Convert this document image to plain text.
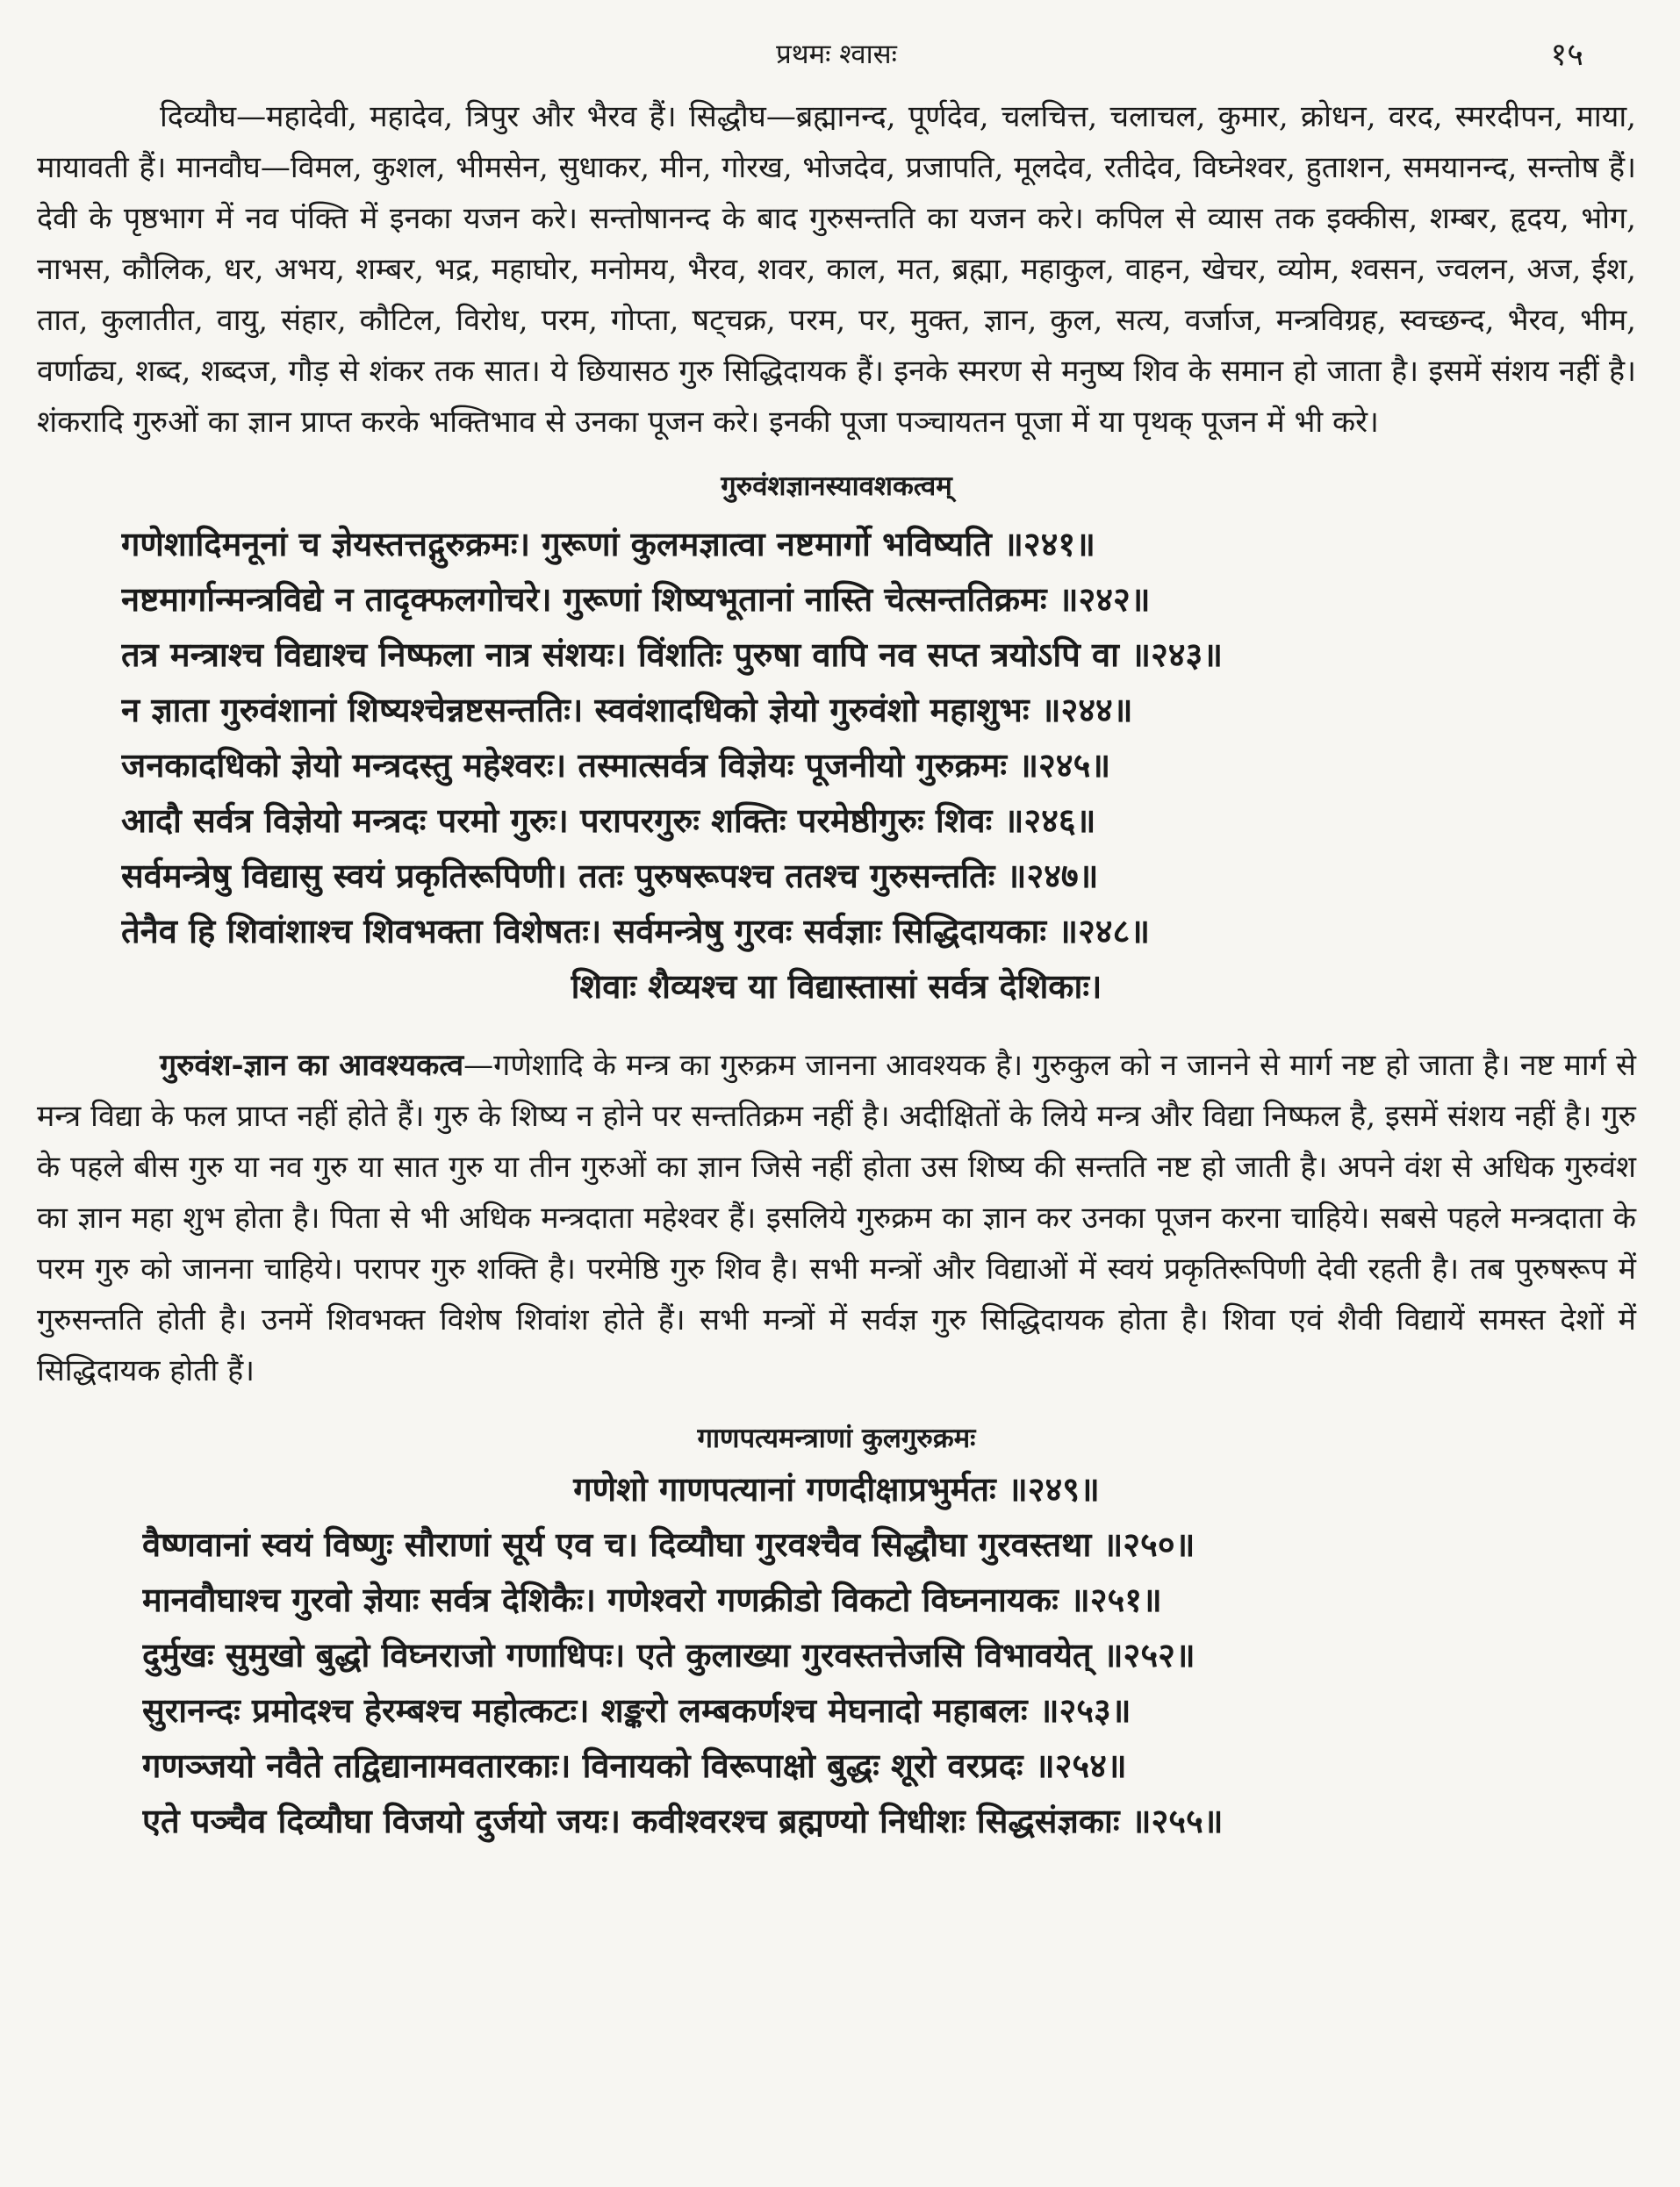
प्रथमः श्वासः	१५

दिव्यौघ—महादेवी, महादेव, त्रिपुर और भैरव हैं। सिद्धौघ—ब्रह्मानन्द, पूर्णदेव, चलचित्त, चलाचल, कुमार, क्रोधन, वरद, स्मरदीपन, माया, मायावती हैं। मानवौघ—विमल, कुशल, भीमसेन, सुधाकर, मीन, गोरख, भोजदेव, प्रजापति, मूलदेव, रतीदेव, विघ्नेश्वर, हुताशन, समयानन्द, सन्तोष हैं। देवी के पृष्ठभाग में नव पंक्ति में इनका यजन करे। सन्तोषानन्द के बाद गुरुसन्तति का यजन करे। कपिल से व्यास तक इक्कीस, शम्बर, हृदय, भोग, नाभस, कौलिक, धर, अभय, शम्बर, भद्र, महाघोर, मनोमय, भैरव, शवर, काल, मत, ब्रह्मा, महाकुल, वाहन, खेचर, व्योम, श्वसन, ज्वलन, अज, ईश, तात, कुलातीत, वायु, संहार, कौटिल, विरोध, परम, गोप्ता, षट्चक्र, परम, पर, मुक्त, ज्ञान, कुल, सत्य, वर्जाज, मन्त्रविग्रह, स्वच्छन्द, भैरव, भीम, वर्णाढ्य, शब्द, शब्दज, गौड़ से शंकर तक सात। ये छियासठ गुरु सिद्धिदायक हैं। इनके स्मरण से मनुष्य शिव के समान हो जाता है। इसमें संशय नहीं है। शंकरादि गुरुओं का ज्ञान प्राप्त करके भक्तिभाव से उनका पूजन करे। इनकी पूजा पञ्चायतन पूजा में या पृथक् पूजन में भी करे।

गुरुवंशज्ञानस्यावशकत्वम्
गणेशादिमनूनां च ज्ञेयस्तत्तद्गुरुक्रमः। गुरूणां कुलमज्ञात्वा नष्टमार्गो भविष्यति ॥२४१॥
नष्टमार्गान्मन्त्रविद्ये न तादृक्फलगोचरे। गुरूणां शिष्यभूतानां नास्ति चेत्सन्ततिक्रमः ॥२४२॥
तत्र मन्त्राश्च विद्याश्च निष्फला नात्र संशयः। विंशतिः पुरुषा वापि नव सप्त त्रयोऽपि वा ॥२४३॥
न ज्ञाता गुरुवंशानां शिष्यश्चेन्नष्टसन्ततिः। स्ववंशादधिको ज्ञेयो गुरुवंशो महाशुभः ॥२४४॥
जनकादधिको ज्ञेयो मन्त्रदस्तु महेश्वरः। तस्मात्सर्वत्र विज्ञेयः पूजनीयो गुरुक्रमः ॥२४५॥
आदौ सर्वत्र विज्ञेयो मन्त्रदः परमो गुरुः। परापरगुरुः शक्तिः परमेष्ठीगुरुः शिवः ॥२४६॥
सर्वमन्त्रेषु विद्यासु स्वयं प्रकृतिरूपिणी। ततः पुरुषरूपश्च ततश्च गुरुसन्ततिः ॥२४७॥
तेनैव हि शिवांशाश्च शिवभक्ता विशेषतः। सर्वमन्त्रेषु गुरवः सर्वज्ञाः सिद्धिदायकाः ॥२४८॥
शिवाः शैव्यश्च या विद्यास्तासां सर्वत्र देशिकाः।

गुरुवंश-ज्ञान का आवश्यकत्व—गणेशादि के मन्त्र का गुरुक्रम जानना आवश्यक है। गुरुकुल को न जानने से मार्ग नष्ट हो जाता है। नष्ट मार्ग से मन्त्र विद्या के फल प्राप्त नहीं होते हैं। गुरु के शिष्य न होने पर सन्ततिक्रम नहीं है। अदीक्षितों के लिये मन्त्र और विद्या निष्फल है, इसमें संशय नहीं है। गुरु के पहले बीस गुरु या नव गुरु या सात गुरु या तीन गुरुओं का ज्ञान जिसे नहीं होता उस शिष्य की सन्तति नष्ट हो जाती है। अपने वंश से अधिक गुरुवंश का ज्ञान महा शुभ होता है। पिता से भी अधिक मन्त्रदाता महेश्वर हैं। इसलिये गुरुक्रम का ज्ञान कर उनका पूजन करना चाहिये। सबसे पहले मन्त्रदाता के परम गुरु को जानना चाहिये। परापर गुरु शक्ति है। परमेष्ठि गुरु शिव है। सभी मन्त्रों और विद्याओं में स्वयं प्रकृतिरूपिणी देवी रहती है। तब पुरुषरूप में गुरुसन्तति होती है। उनमें शिवभक्त विशेष शिवांश होते हैं। सभी मन्त्रों में सर्वज्ञ गुरु सिद्धिदायक होता है। शिवा एवं शैवी विद्यायें समस्त देशों में सिद्धिदायक होती हैं।

गाणपत्यमन्त्राणां कुलगुरुक्रमः
गणेशो गाणपत्यानां गणदीक्षाप्रभुर्मतः ॥२४९॥
वैष्णवानां स्वयं विष्णुः सौराणां सूर्य एव च। दिव्यौघा गुरवश्चैव सिद्धौघा गुरवस्तथा ॥२५०॥
मानवौघाश्च गुरवो ज्ञेयाः सर्वत्र देशिकैः। गणेश्वरो गणक्रीडो विकटो विघ्ननायकः ॥२५१॥
दुर्मुखः सुमुखो बुद्धो विघ्नराजो गणाधिपः। एते कुलाख्या गुरवस्तत्तेजसि विभावयेत् ॥२५२॥
सुरानन्दः प्रमोदश्च हेरम्बश्च महोत्कटः। शङ्करो लम्बकर्णश्च मेघनादो महाबलः ॥२५३॥
गणञ्जयो नवैते तद्विद्यानामवतारकाः। विनायको विरूपाक्षो बुद्धः शूरो वरप्रदः ॥२५४॥
एते पञ्चैव दिव्यौघा विजयो दुर्जयो जयः। कवीश्वरश्च ब्रह्मण्यो निधीशः सिद्धसंज्ञकाः ॥२५५॥
